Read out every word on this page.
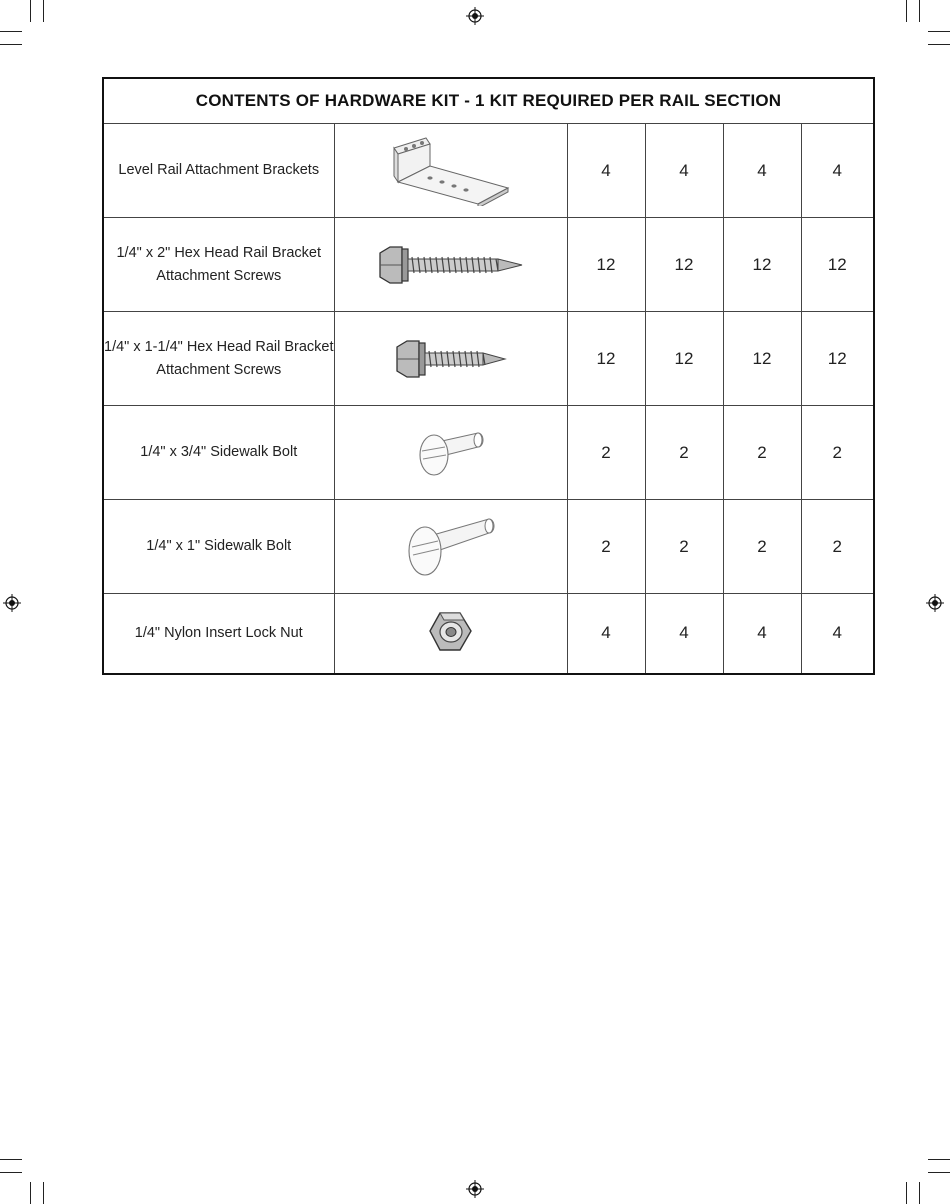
CONTENTS OF HARDWARE KIT - 1 KIT REQUIRED PER RAIL SECTION					
Level Rail Attachment Brackets		4	4	4	4
1/4" x 2" Hex Head Rail Bracket Attachment Screws		12	12	12	12
1/4" x 1-1/4" Hex Head Rail Bracket Attachment Screws		12	12	12	12
1/4" x 3/4" Sidewalk Bolt		2	2	2	2
1/4" x 1" Sidewalk Bolt		2	2	2	2
1/4" Nylon Insert Lock Nut		4	4	4	4
